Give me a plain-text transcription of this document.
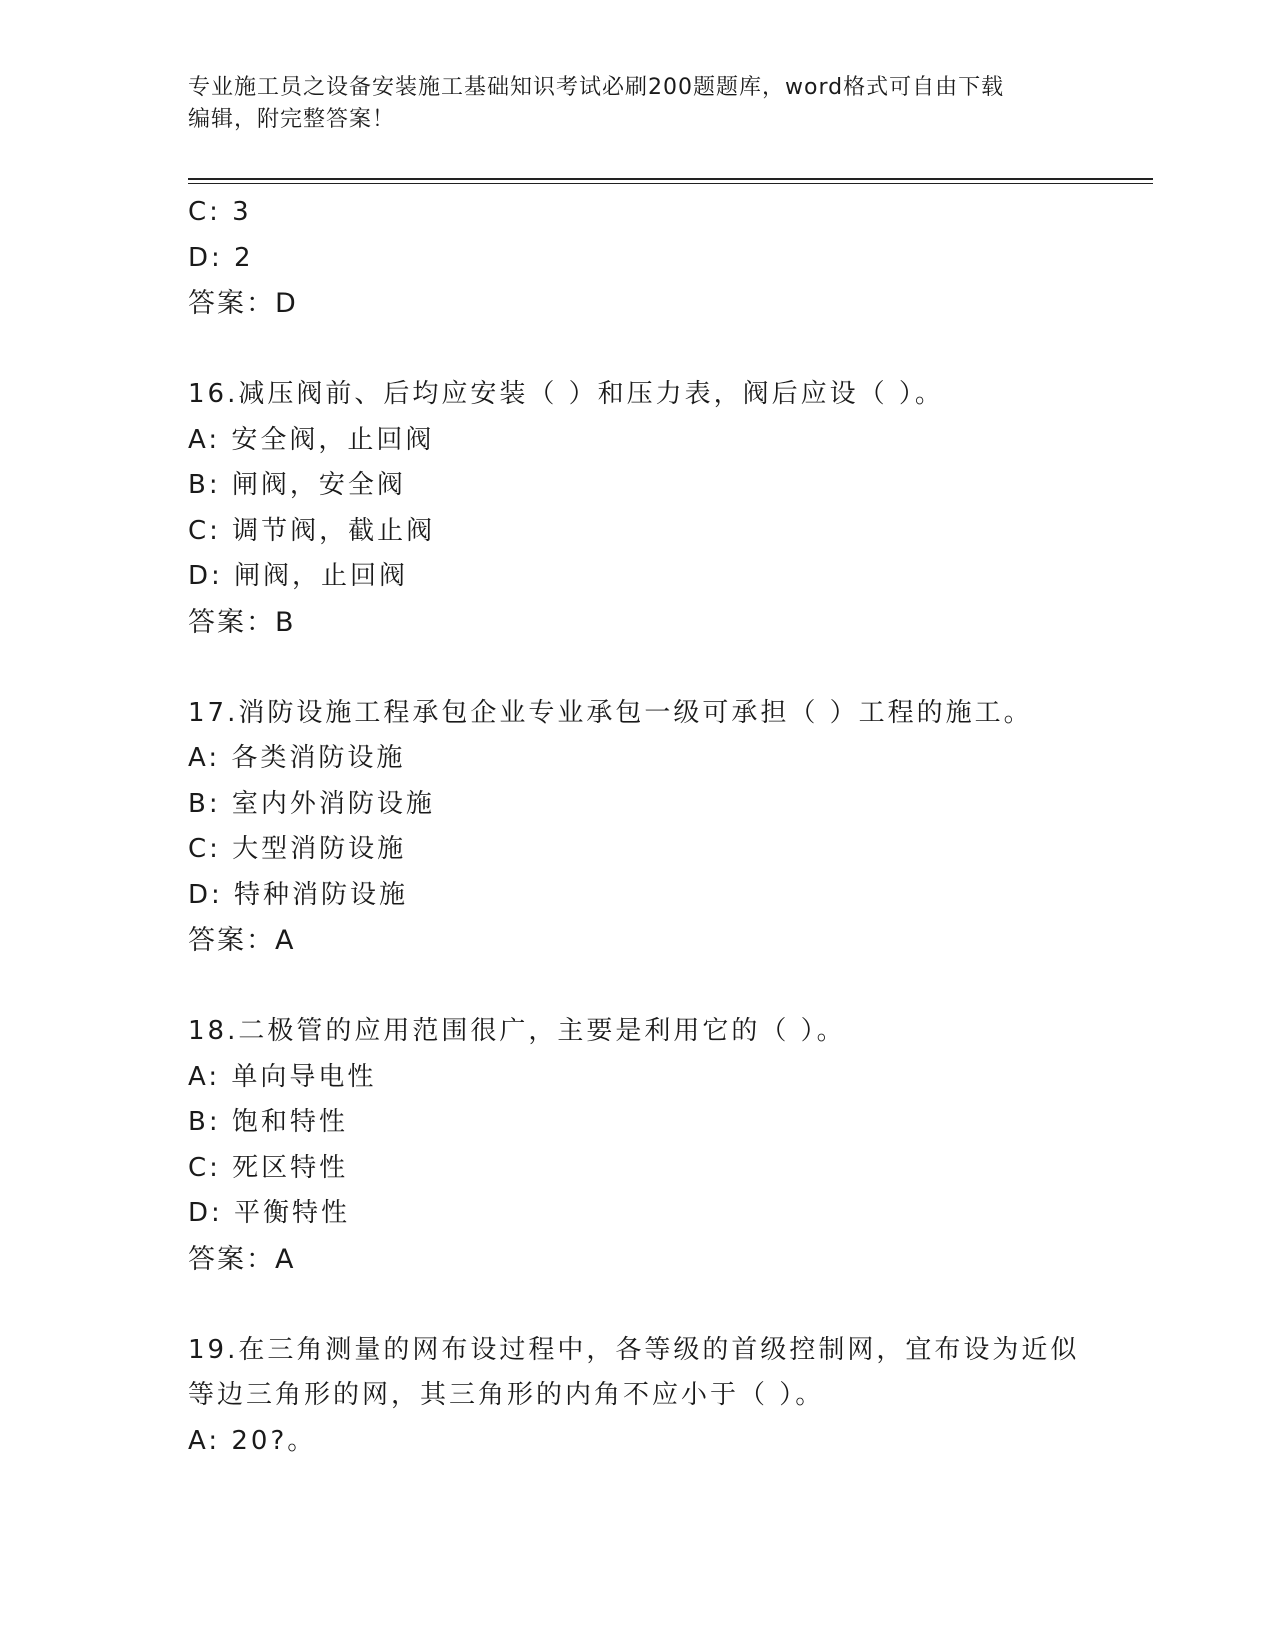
专业施工员之设备安装施工基础知识考试必刷200题题库，word格式可自由下载
编辑，附完整答案！
C: 3
D: 2
答案：D
16.减压阀前、后均应安装（ ）和压力表，阀后应设（ ）。
A: 安全阀，止回阀
B: 闸阀，安全阀
C: 调节阀，截止阀
D: 闸阀，止回阀
答案：B
17.消防设施工程承包企业专业承包一级可承担（ ）工程的施工。
A: 各类消防设施
B: 室内外消防设施
C: 大型消防设施
D: 特种消防设施
答案：A
18.二极管的应用范围很广，主要是利用它的（ ）。
A: 单向导电性
B: 饱和特性
C: 死区特性
D: 平衡特性
答案：A
19.在三角测量的网布设过程中，各等级的首级控制网，宜布设为近似
等边三角形的网，其三角形的内角不应小于（ ）。
A: 20?。
